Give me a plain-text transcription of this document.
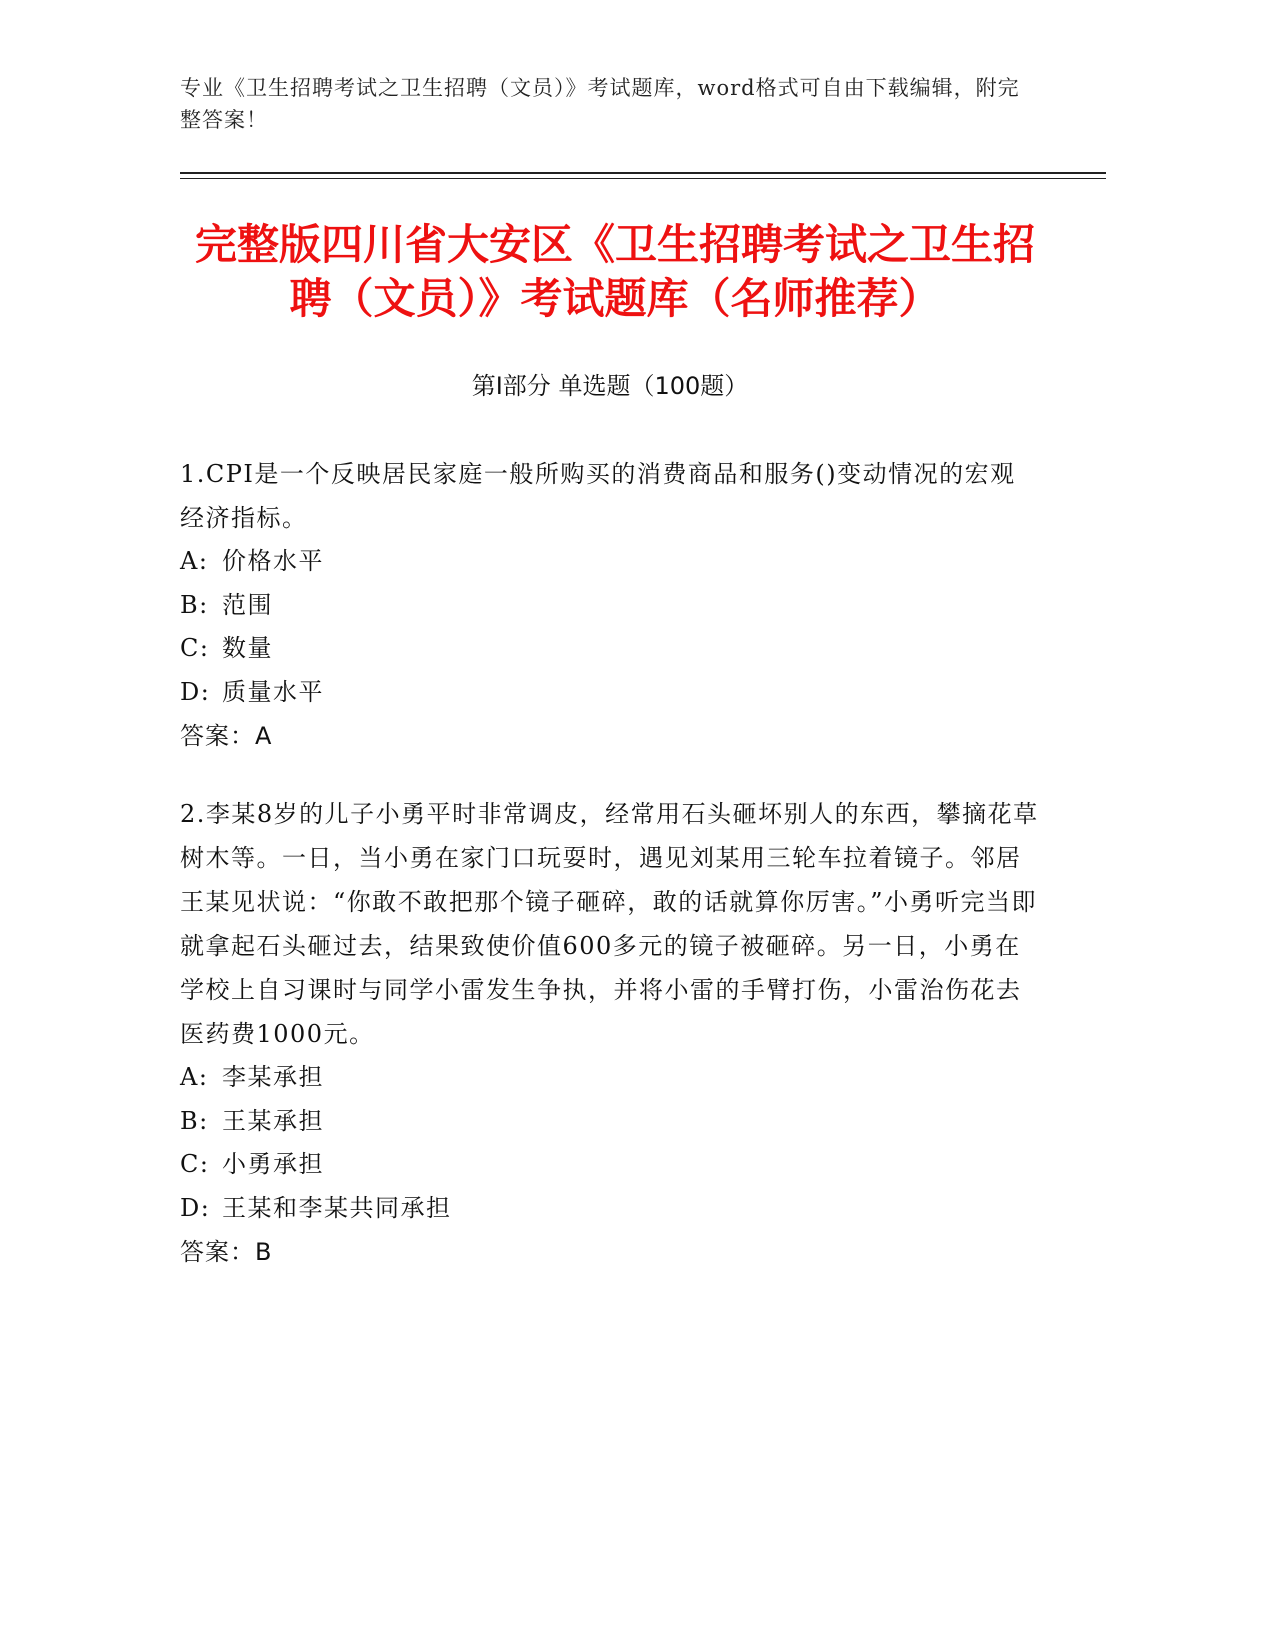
专业《卫生招聘考试之卫生招聘（文员）》考试题库，word格式可自由下载编辑，附完整答案！
完整版四川省大安区《卫生招聘考试之卫生招聘（文员）》考试题库（名师推荐）
第Ⅰ部分 单选题（100题）
1.CPI是一个反映居民家庭一般所购买的消费商品和服务()变动情况的宏观经济指标。
A: 价格水平
B: 范围
C: 数量
D: 质量水平
答案：A
2.李某8岁的儿子小勇平时非常调皮，经常用石头砸坏别人的东西，攀摘花草树木等。一日，当小勇在家门口玩耍时，遇见刘某用三轮车拉着镜子。邻居王某见状说：“你敢不敢把那个镜子砸碎，敢的话就算你厉害。”小勇听完当即就拿起石头砸过去，结果致使价值600多元的镜子被砸碎。另一日，小勇在学校上自习课时与同学小雷发生争执，并将小雷的手臂打伤，小雷治伤花去医药费1000元。
A: 李某承担
B: 王某承担
C: 小勇承担
D: 王某和李某共同承担
答案：B
